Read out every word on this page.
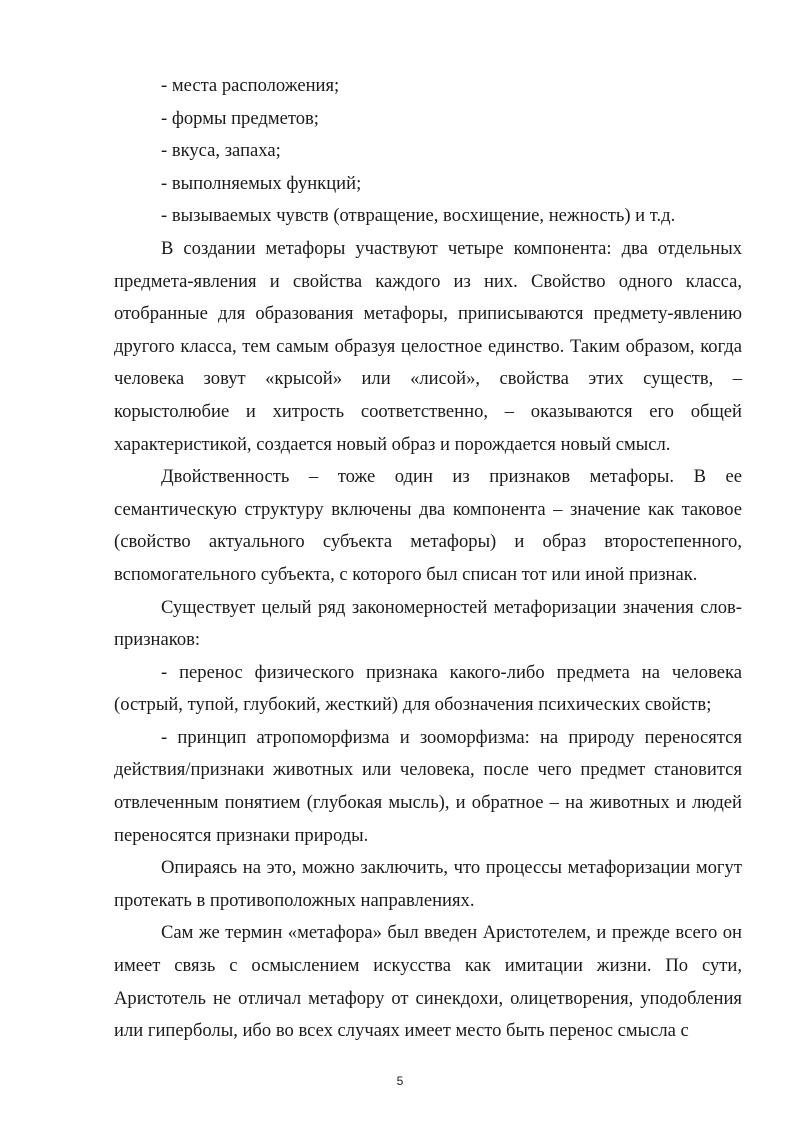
- места расположения;

- формы предметов;

- вкуса, запаха;

- выполняемых функций;

- вызываемых чувств (отвращение, восхищение, нежность) и т.д.

В создании метафоры участвуют четыре компонента: два отдельных предмета-явления и свойства каждого из них. Свойство одного класса, отобранные для образования метафоры, приписываются предмету-явлению другого класса, тем самым образуя целостное единство. Таким образом, когда человека зовут «крысой» или «лисой», свойства этих существ, – корыстолюбие и хитрость соответственно, – оказываются его общей характеристикой, создается новый образ и порождается новый смысл.

Двойственность – тоже один из признаков метафоры. В ее семантическую структуру включены два компонента – значение как таковое (свойство актуального субъекта метафоры) и образ второстепенного, вспомогательного субъекта, с которого был списан тот или иной признак.

Существует целый ряд закономерностей метафоризации значения слов-признаков:

- перенос физического признака какого-либо предмета на человека (острый, тупой, глубокий, жесткий) для обозначения психических свойств;

- принцип атропоморфизма и зооморфизма: на природу переносятся действия/признаки животных или человека, после чего предмет становится отвлеченным понятием (глубокая мысль), и обратное – на животных и людей переносятся признаки природы.

Опираясь на это, можно заключить, что процессы метафоризации могут протекать в противоположных направлениях.

Сам же термин «метафора» был введен Аристотелем, и прежде всего он имеет связь с осмыслением искусства как имитации жизни. По сути, Аристотель не отличал метафору от синекдохи, олицетворения, уподобления или гиперболы, ибо во всех случаях имеет место быть перенос смысла с

5
